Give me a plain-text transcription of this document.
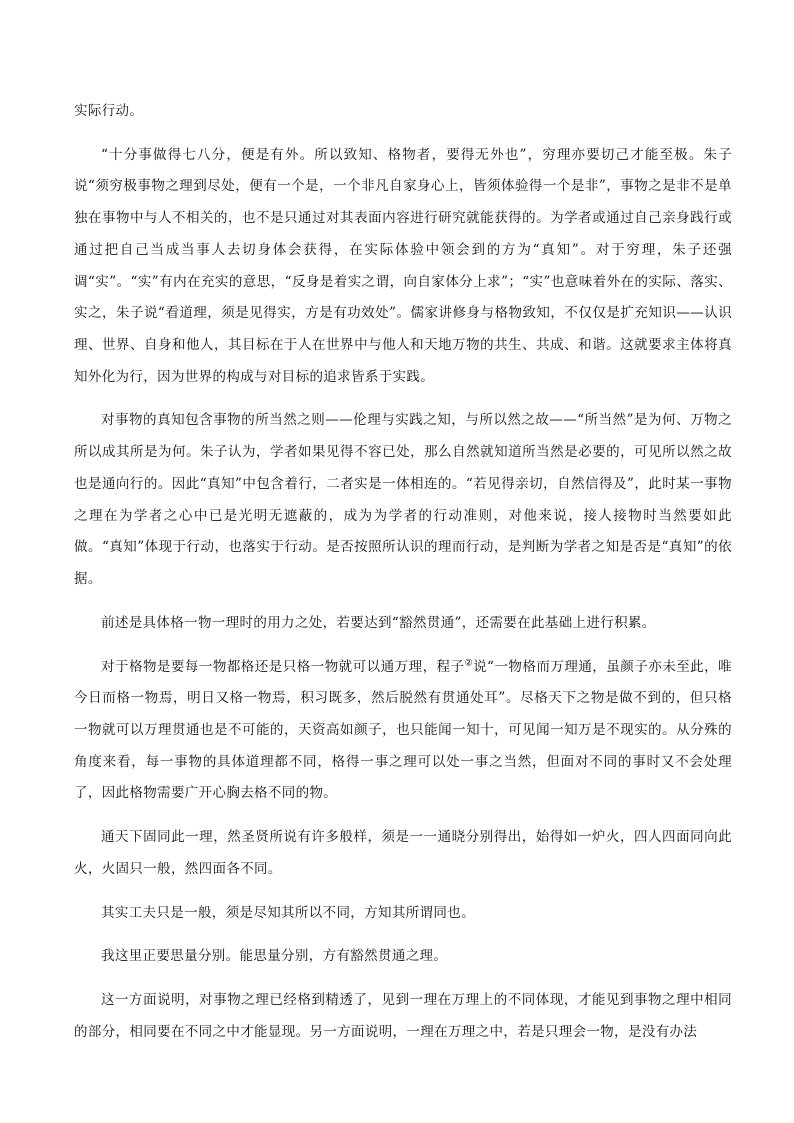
实际行动。

“十分事做得七八分，便是有外。所以致知、格物者，要得无外也”，穷理亦要切己才能至极。朱子说“须穷极事物之理到尽处，便有一个是，一个非凡自家身心上，皆须体验得一个是非”，事物之是非不是单独在事物中与人不相关的，也不是只通过对其表面内容进行研究就能获得的。为学者或通过自己亲身践行或通过把自己当成当事人去切身体会获得，在实际体验中领会到的方为“真知”。对于穷理，朱子还强调“实”。“实”有内在充实的意思，“反身是着实之谓，向自家体分上求”；“实”也意味着外在的实际、落实、实之，朱子说“看道理，须是见得实，方是有功效处”。儒家讲修身与格物致知，不仅仅是扩充知识——认识理、世界、自身和他人，其目标在于人在世界中与他人和天地万物的共生、共成、和谐。这就要求主体将真知外化为行，因为世界的构成与对目标的追求皆系于实践。

对事物的真知包含事物的所当然之则——伦理与实践之知，与所以然之故——“所当然”是为何、万物之所以成其所是为何。朱子认为，学者如果见得不容已处，那么自然就知道所当然是必要的，可见所以然之故也是通向行的。因此“真知”中包含着行，二者实是一体相连的。“若见得亲切，自然信得及”，此时某一事物之理在为学者之心中已是光明无遮蔽的，成为为学者的行动准则，对他来说，接人接物时当然要如此做。“真知”体现于行动，也落实于行动。是否按照所认识的理而行动，是判断为学者之知是否是“真知”的依据。

前述是具体格一物一理时的用力之处，若要达到“豁然贯通”，还需要在此基础上进行积累。

对于格物是要每一物都格还是只格一物就可以通万理，程子②说“一物格而万理通，虽颜子亦未至此，唯今日而格一物焉，明日又格一物焉，积习既多，然后脱然有贯通处耳”。尽格天下之物是做不到的，但只格一物就可以万理贯通也是不可能的，天资高如颜子，也只能闻一知十，可见闻一知万是不现实的。从分殊的角度来看，每一事物的具体道理都不同，格得一事之理可以处一事之当然，但面对不同的事时又不会处理了，因此格物需要广开心胸去格不同的物。

通天下固同此一理，然圣贤所说有许多般样，须是一一通晓分别得出，始得如一炉火，四人四面同向此火，火固只一般，然四面各不同。

其实工夫只是一般，须是尽知其所以不同，方知其所谓同也。

我这里正要思量分别。能思量分别，方有豁然贯通之理。

这一方面说明，对事物之理已经格到精透了，见到一理在万理上的不同体现，才能见到事物之理中相同的部分，相同要在不同之中才能显现。另一方面说明，一理在万理之中，若是只理会一物，是没有办法
